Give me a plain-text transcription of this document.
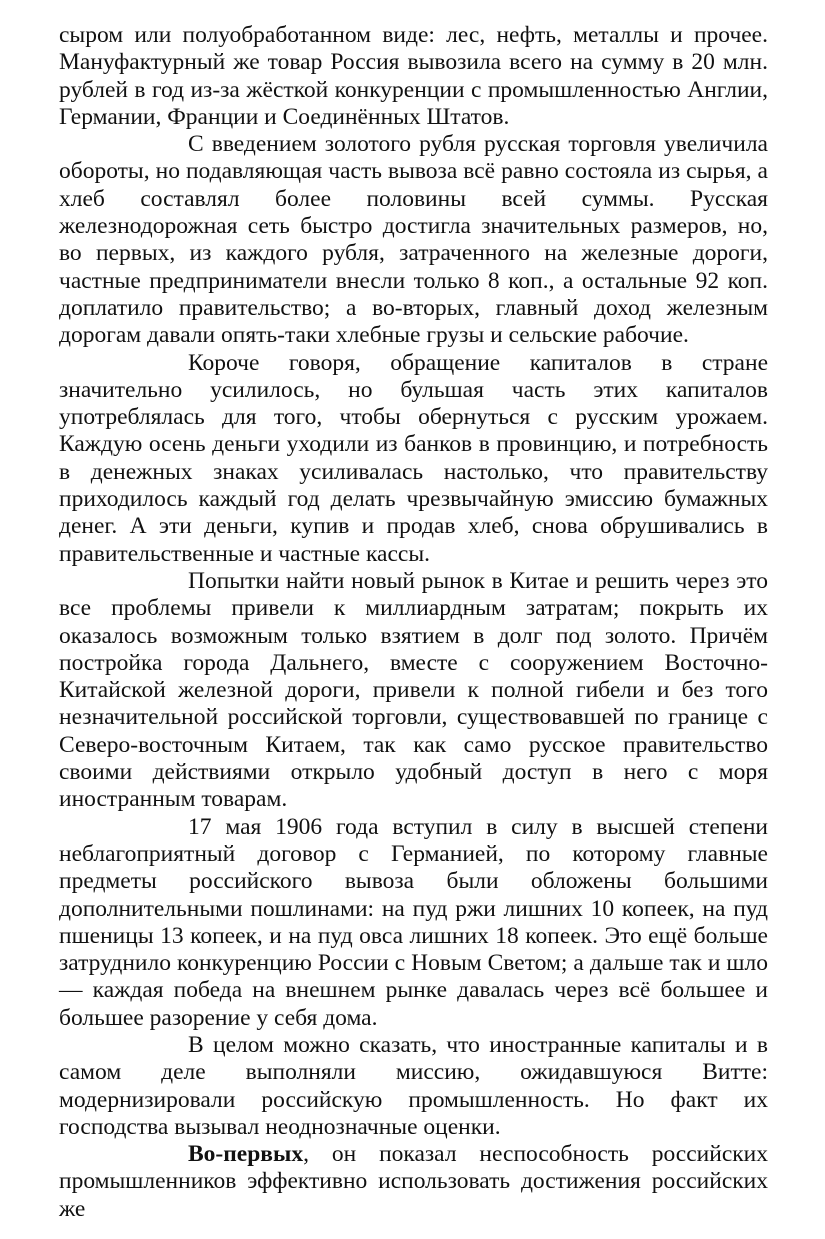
сыром или полуобработанном виде: лес, нефть, металлы и прочее. Мануфактурный же товар Россия вывозила всего на сумму в 20 млн. рублей в год из-за жёсткой конкуренции с промышленностью Англии, Германии, Франции и Соединённых Штатов.

С введением золотого рубля русская торговля увеличила обороты, но подавляющая часть вывоза всё равно состояла из сырья, а хлеб составлял более половины всей суммы. Русская железнодорожная сеть быстро достигла значительных размеров, но, во первых, из каждого рубля, затраченного на железные дороги, частные предприниматели внесли только 8 коп., а остальные 92 коп. доплатило правительство; а во-вторых, главный доход железным дорогам давали опять-таки хлебные грузы и сельские рабочие.

Короче говоря, обращение капиталов в стране значительно усилилось, но бульшая часть этих капиталов употреблялась для того, чтобы обернуться с русским урожаем. Каждую осень деньги уходили из банков в провинцию, и потребность в денежных знаках усиливалась настолько, что правительству приходилось каждый год делать чрезвычайную эмиссию бумажных денег. А эти деньги, купив и продав хлеб, снова обрушивались в правительственные и частные кассы.

Попытки найти новый рынок в Китае и решить через это все проблемы привели к миллиардным затратам; покрыть их оказалось возможным только взятием в долг под золото. Причём постройка города Дальнего, вместе с сооружением Восточно-Китайской железной дороги, привели к полной гибели и без того незначительной российской торговли, существовавшей по границе с Северо-восточным Китаем, так как само русское правительство своими действиями открыло удобный доступ в него с моря иностранным товарам.

17 мая 1906 года вступил в силу в высшей степени неблагоприятный договор с Германией, по которому главные предметы российского вывоза были обложены большими дополнительными пошлинами: на пуд ржи лишних 10 копеек, на пуд пшеницы 13 копеек, и на пуд овса лишних 18 копеек. Это ещё больше затруднило конкуренцию России с Новым Светом; а дальше так и шло — каждая победа на внешнем рынке давалась через всё большее и большее разорение у себя дома.

В целом можно сказать, что иностранные капиталы и в самом деле выполняли миссию, ожидавшуюся Витте: модернизировали российскую промышленность. Но факт их господства вызывал неоднозначные оценки.

Во-первых, он показал неспособность российских промышленников эффективно использовать достижения российских же
